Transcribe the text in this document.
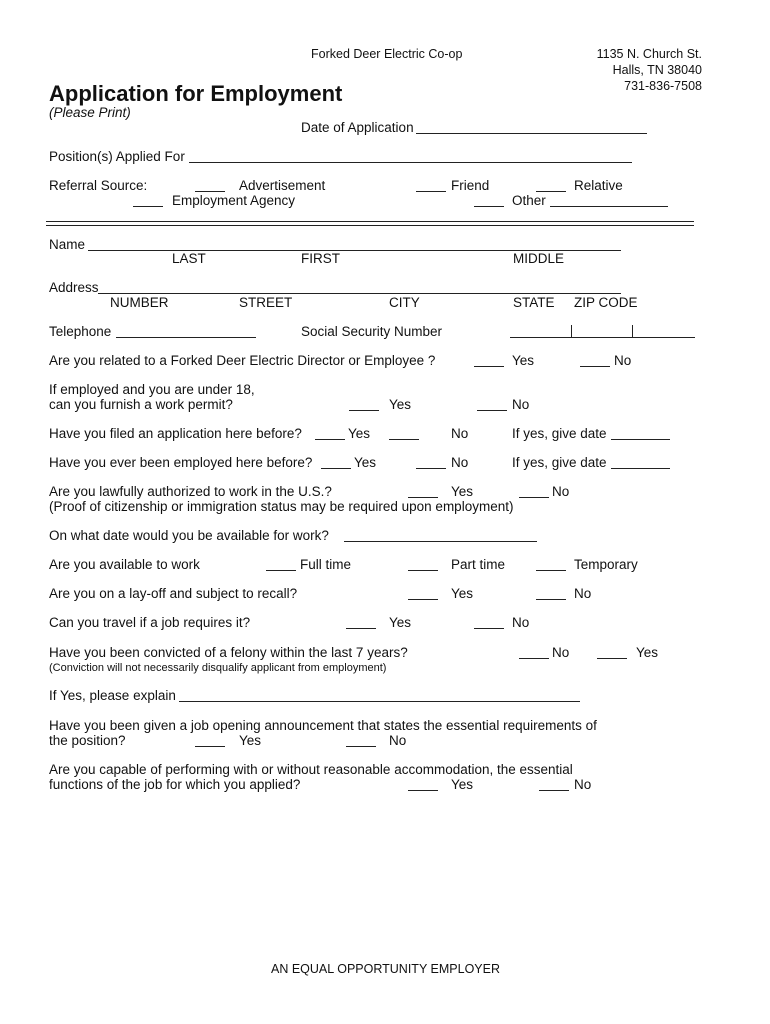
Forked Deer Electric Co-op	1135 N. Church St.
Halls, TN 38040
731-836-7508
Application for Employment
(Please Print)
Date of Application
Position(s) Applied For
Referral Source:	Advertisement	Friend	Relative
Employment Agency	Other
Name
LAST	FIRST	MIDDLE
Address
NUMBER	STREET	CITY	STATE ZIP CODE
Telephone	Social Security Number
Are you related to a Forked Deer Electric Director or Employee ?	Yes	No
If employed and you are under 18,
can you furnish a work permit?	Yes	No
Have you filed an application here before?	Yes	No	If yes, give date
Have you ever been employed here before?	Yes	No	If yes, give date
Are you lawfully authorized to work in the U.S.?	Yes	No
(Proof of citizenship or immigration status may be required upon employment)
On what date would you be available for work?
Are you available to work	Full time	Part time	Temporary
Are you on a lay-off and subject to recall?	Yes	No
Can you travel if a job requires it?	Yes	No
Have you been convicted of a felony within the last 7 years?	No	Yes
(Conviction will not necessarily disqualify applicant from employment)
If Yes, please explain
Have you been given a job opening announcement that states the essential requirements of
the position?	Yes	No
Are you capable of performing with or without reasonable accommodation, the essential
functions of the job for which you applied?	Yes	No
AN EQUAL OPPORTUNITY EMPLOYER
